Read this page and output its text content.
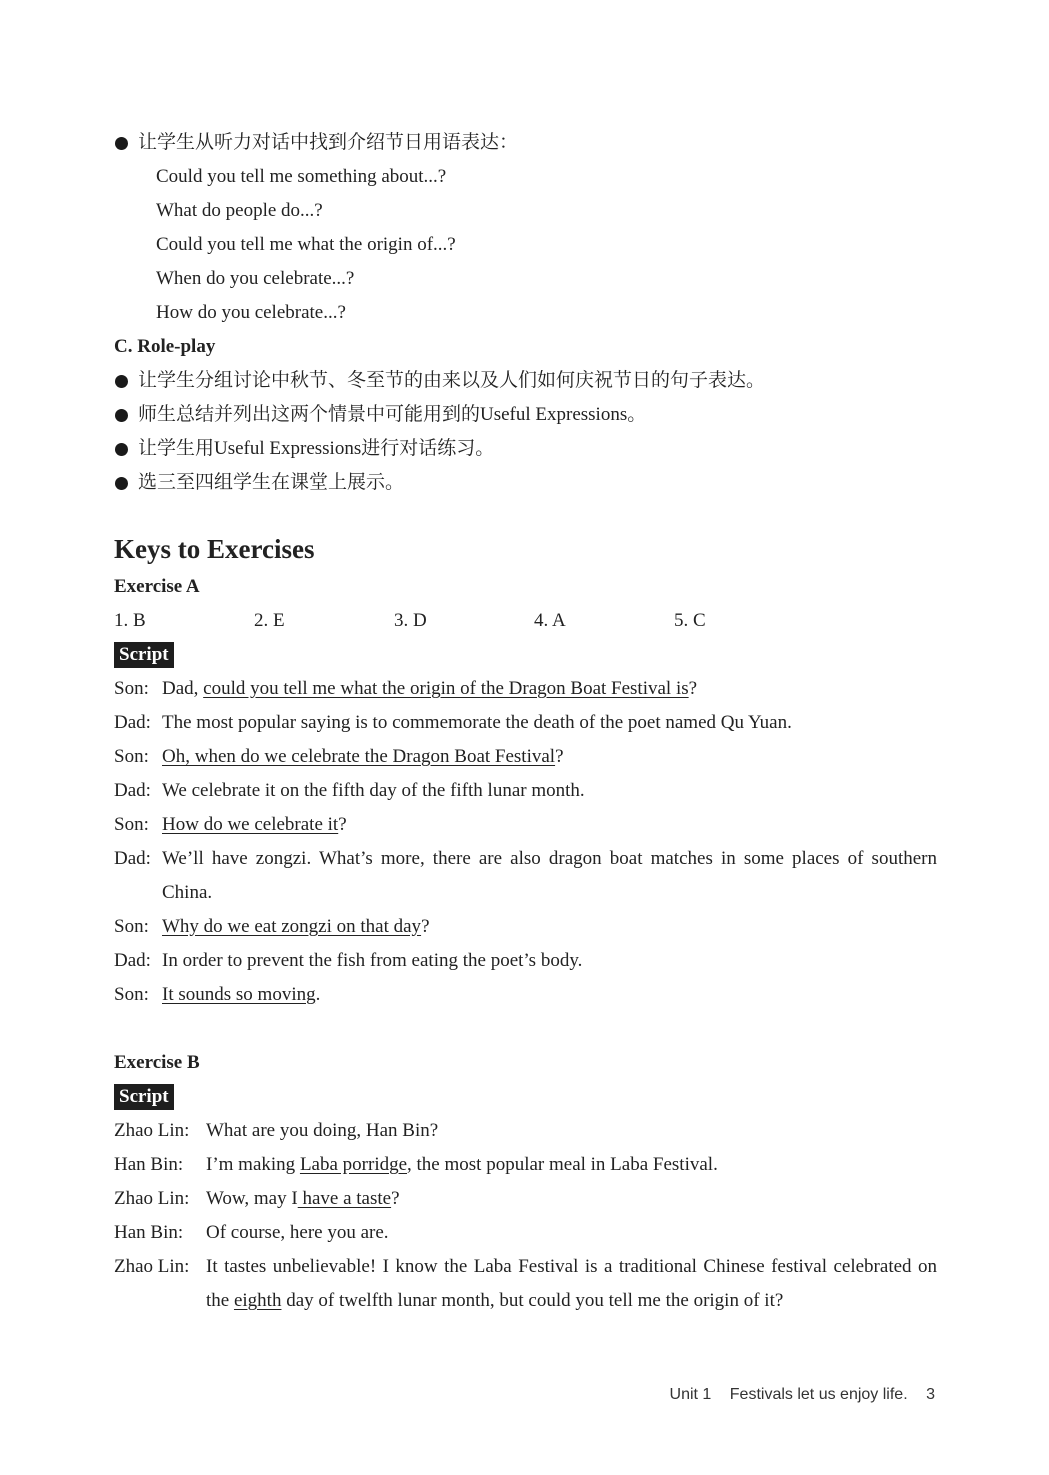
让学生从听力对话中找到介绍节日用语表达：
Could you tell me something about...?
What do people do...?
Could you tell me what the origin of...?
When do you celebrate...?
How do you celebrate...?
C. Role-play
让学生分组讨论中秋节、冬至节的由来以及人们如何庆祝节日的句子表达。
师生总结并列出这两个情景中可能用到的Useful Expressions。
让学生用Useful Expressions进行对话练习。
选三至四组学生在课堂上展示。
Keys to Exercises
Exercise A
1. B	2. E	3. D	4. A	5. C
Script
Son: Dad, could you tell me what the origin of the Dragon Boat Festival is?
Dad: The most popular saying is to commemorate the death of the poet named Qu Yuan.
Son: Oh, when do we celebrate the Dragon Boat Festival?
Dad: We celebrate it on the fifth day of the fifth lunar month.
Son: How do we celebrate it?
Dad: We’ll have zongzi. What’s more, there are also dragon boat matches in some places of southern China.
Son: Why do we eat zongzi on that day?
Dad: In order to prevent the fish from eating the poet’s body.
Son: It sounds so moving.
Exercise B
Script
Zhao Lin: What are you doing, Han Bin?
Han Bin:	I’m making Laba porridge, the most popular meal in Laba Festival.
Zhao Lin: Wow, may I have a taste?
Han Bin:	Of course, here you are.
Zhao Lin: It tastes unbelievable! I know the Laba Festival is a traditional Chinese festival celebrated on the eighth day of twelfth lunar month, but could you tell me the origin of it?
Unit 1 Festivals let us enjoy life. 3
